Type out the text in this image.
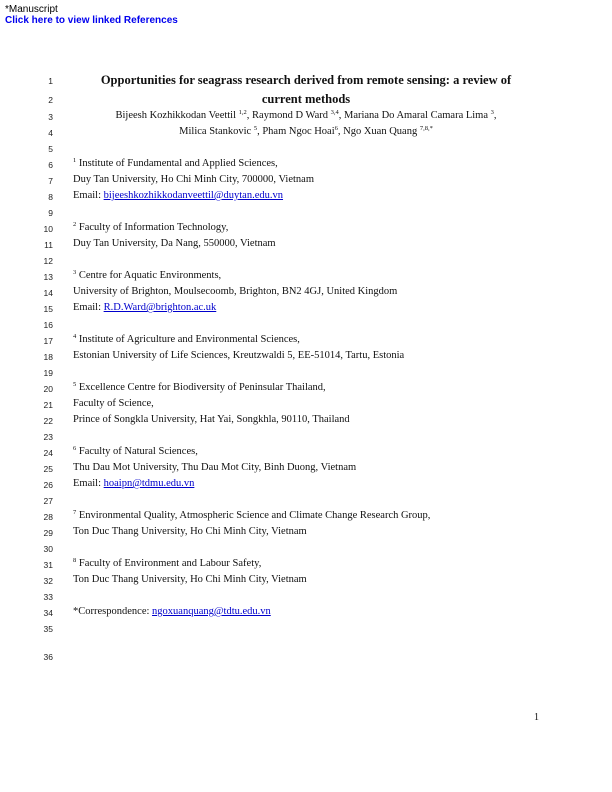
*Manuscript
Click here to view linked References
1
2
3
4
5
6
7
8
9
10
11
12
13
14
15
16
17
18
19
20
21
22
23
24
25
26
27
28
29
30
31
32
33
34
35
36
Opportunities for seagrass research derived from remote sensing: a review of
current methods
Bijeesh Kozhikkodan Veettil $^{1,2}$, Raymond D Ward $^{3,4}$, Mariana Do Amaral Camara Lima $^3$,
Milica Stankovic $^5$, Pham Ngoc Hoai$^6$, Ngo Xuan Quang $^{7,8,*}$
$^1$ Institute of Fundamental and Applied Sciences,
Duy Tan University, Ho Chi Minh City, 700000, Vietnam
Email: bijeeshkozhikkodanveettil@duytan.edu.vn
$^2$ Faculty of Information Technology,
Duy Tan University, Da Nang, 550000, Vietnam
$^3$ Centre for Aquatic Environments,
University of Brighton, Moulsecoomb, Brighton, BN2 4GJ, United Kingdom
Email: R.D.Ward@brighton.ac.uk
$^4$ Institute of Agriculture and Environmental Sciences,
Estonian University of Life Sciences, Kreutzwaldi 5, EE-51014, Tartu, Estonia
$^5$ Excellence Centre for Biodiversity of Peninsular Thailand,
Faculty of Science,
Prince of Songkla University, Hat Yai, Songkhla, 90110, Thailand
$^6$ Faculty of Natural Sciences,
Thu Dau Mot University, Thu Dau Mot City, Binh Duong, Vietnam
Email: hoaipn@tdmu.edu.vn
$^7$ Environmental Quality, Atmospheric Science and Climate Change Research Group,
Ton Duc Thang University, Ho Chi Minh City, Vietnam
$^8$ Faculty of Environment and Labour Safety,
Ton Duc Thang University, Ho Chi Minh City, Vietnam
*Correspondence: ngoxuanquang@tdtu.edu.vn
1
